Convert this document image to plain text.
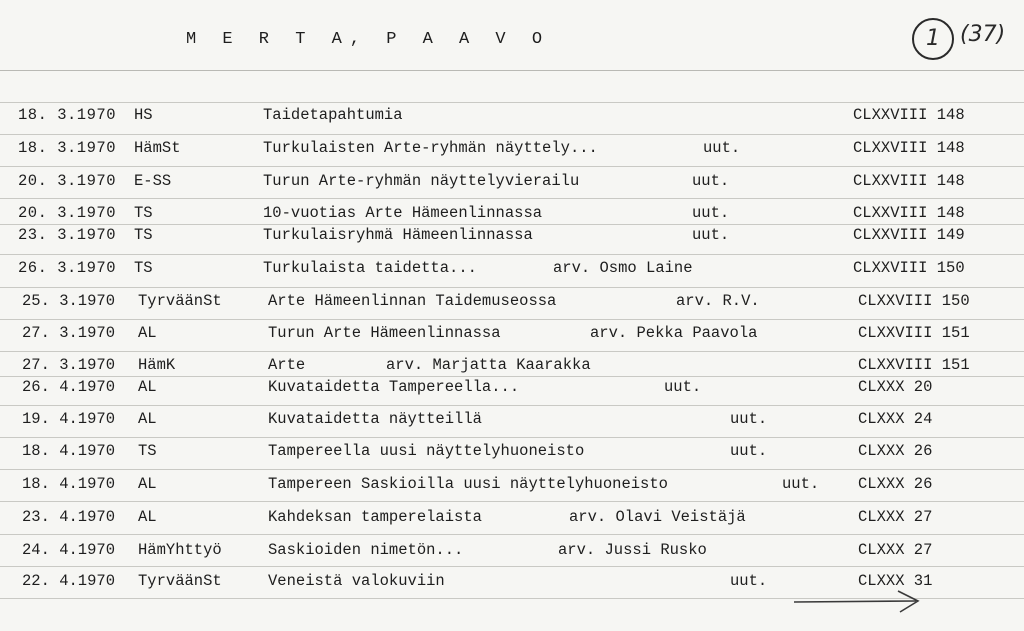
M E R T A, P A A V O	1 (37)
18. 3.1970 HS	Taidetapahtumia	CLXXVIII 148
18. 3.1970 HämSt	Turkulaisten Arte-ryhmän näyttely...	uut.	CLXXVIII 148
20. 3.1970 E-SS	Turun Arte-ryhmän näyttelyvierailu	uut.	CLXXVIII 148
20. 3.1970 TS	10-vuotias Arte Hämeenlinnassa	uut.	CLXXVIII 148
23. 3.1970 TS	Turkulaisryhmä Hämeenlinnassa	uut.	CLXXVIII 149
26. 3.1970 TS	Turkulaista taidetta...	arv. Osmo Laine	CLXXVIII 150
25. 3.1970 TyrväänSt	Arte Hämeenlinnan Taidemuseossa	arv. R.V.	CLXXVIII 150
27. 3.1970 AL	Turun Arte Hämeenlinnassa	arv. Pekka Paavola	CLXXVIII 151
27. 3.1970 HämK	Arte	arv. Marjatta Kaarakka	CLXXVIII 151
26. 4.1970 AL	Kuvataidetta Tampereella...	uut.	CLXXX 20
19. 4.1970 AL	Kuvataidetta näytteillä	uut.	CLXXX 24
18. 4.1970 TS	Tampereella uusi näyttelyhuoneisto	uut.	CLXXX 26
18. 4.1970 AL	Tampereen Saskioilla uusi näyttelyhuoneisto	uut.	CLXXX 26
23. 4.1970 AL	Kahdeksan tamperelaista	arv. Olavi Veistäjä	CLXXX 27
24. 4.1970 HämYhttyö	Saskioiden nimetön...	arv. Jussi Rusko	CLXXX 27
22. 4.1970 TyrväänSt	Veneistä valokuviin	uut.	CLXXX 31
